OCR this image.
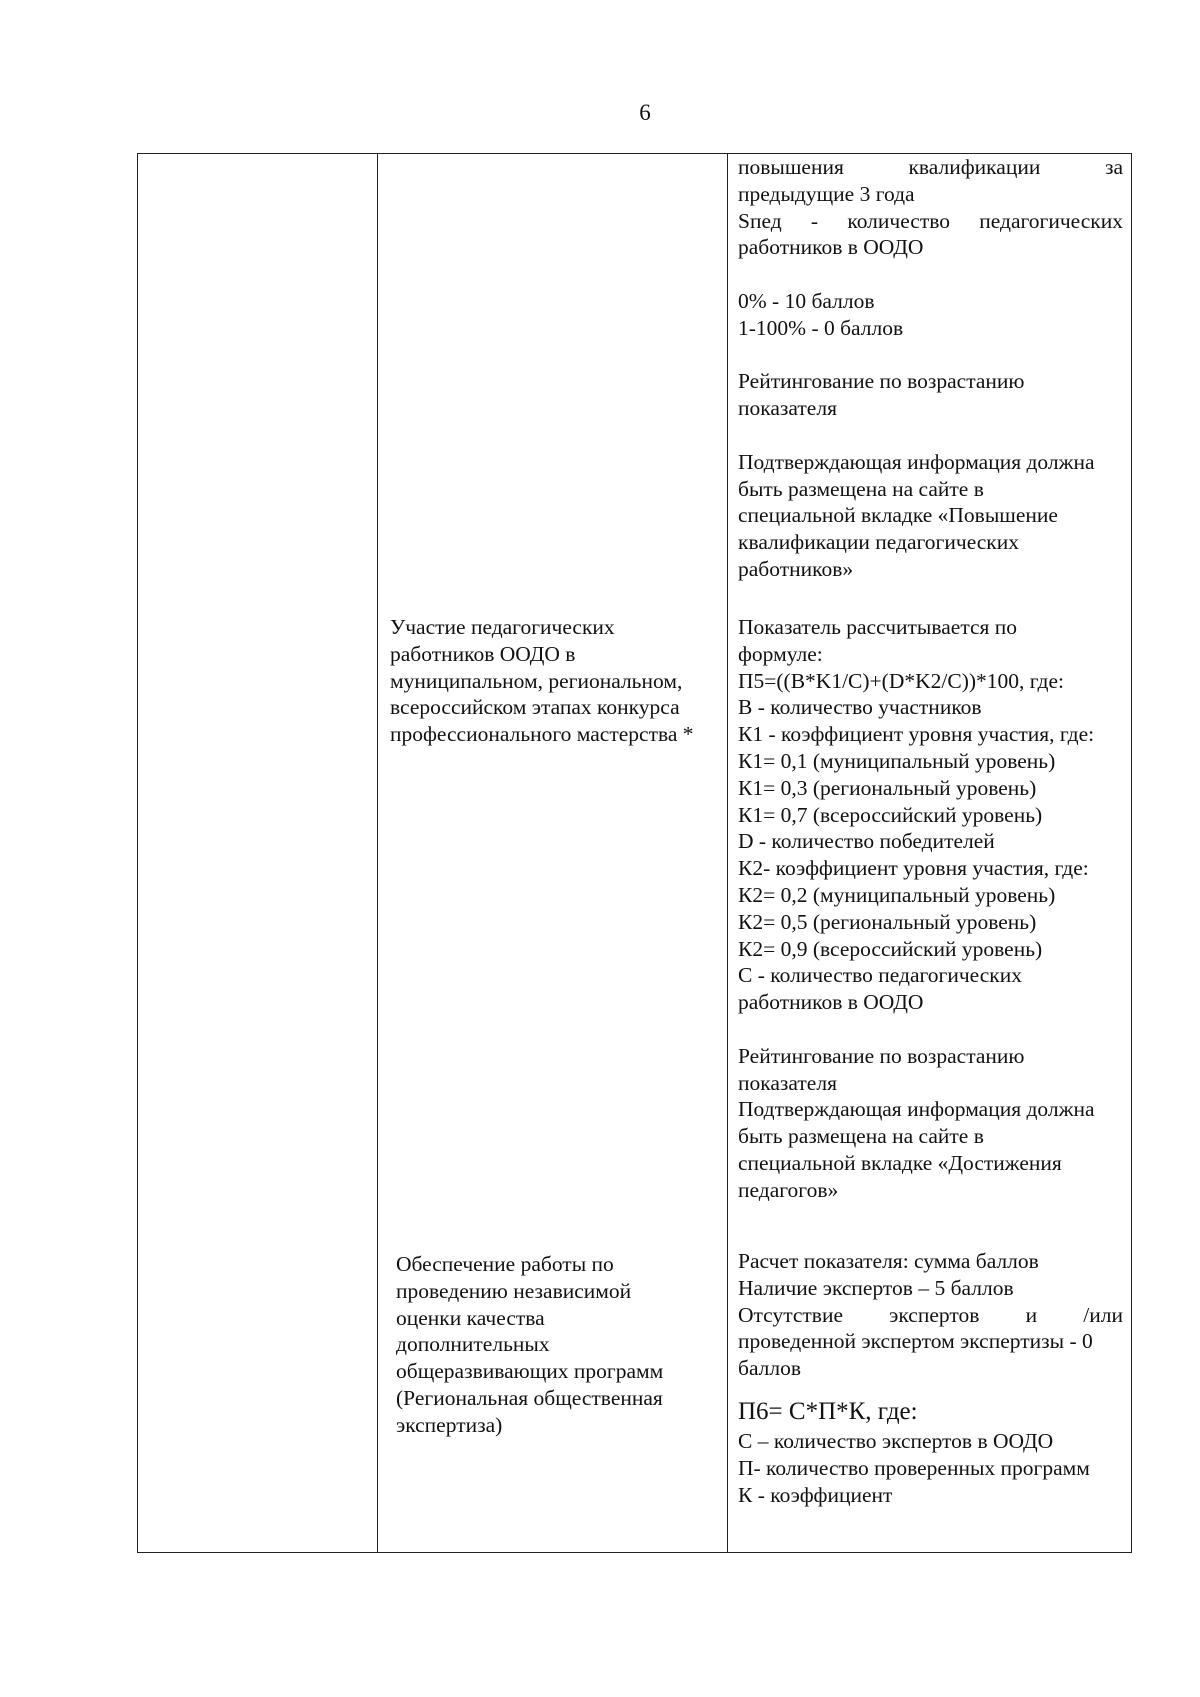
6
повышения	квалификации	за
предыдущие 3 года
Sпед - количество педагогических
работников в ООДО
0% - 10 баллов
1-100% - 0 баллов
Рейтингование по возрастанию
показателя
Подтверждающая информация должна
быть размещена на сайте в
специальной вкладке «Повышение
квалификации педагогических
работников»
Участие педагогических
работников ООДО в
муниципальном, региональном,
всероссийском этапах конкурса
профессионального мастерства *
Показатель рассчитывается по
формуле:
П5=((B*K1/C)+(D*K2/C))*100, где:
В - количество участников
К1 - коэффициент уровня участия, где:
К1= 0,1 (муниципальный уровень)
К1= 0,3 (региональный уровень)
К1= 0,7 (всероссийский уровень)
D - количество победителей
К2- коэффициент уровня участия, где:
К2= 0,2 (муниципальный уровень)
К2= 0,5 (региональный уровень)
К2= 0,9 (всероссийский уровень)
С - количество педагогических
работников в ООДО
Рейтингование по возрастанию
показателя
Подтверждающая информация должна
быть размещена на сайте в
специальной вкладке «Достижения
педагогов»
Обеспечение работы по
проведению независимой
оценки качества
дополнительных
общеразвивающих программ
(Региональная общественная
экспертиза)
Расчет показателя: сумма баллов
Наличие экспертов – 5 баллов
Отсутствие экспертов и /или
проведенной экспертом экспертизы - 0
баллов
П6= С*П*К, где:
С – количество экспертов в ООДО
П- количество проверенных программ
К - коэффициент
